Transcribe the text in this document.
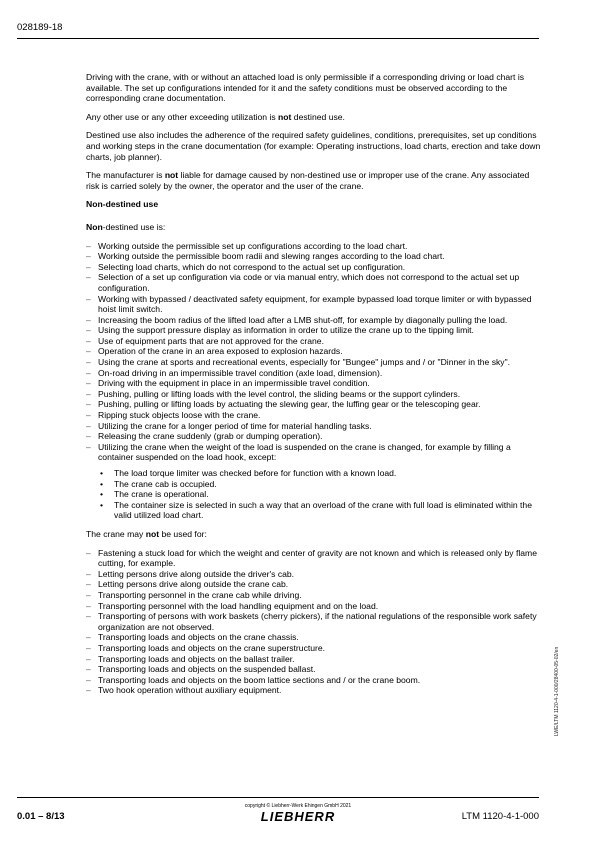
028189-18

Driving with the crane, with or without an attached load is only permissible if a corresponding driving or load chart is available. The set up configurations intended for it and the safety conditions must be observed according to the corresponding crane documentation.

Any other use or any other exceeding utilization is not destined use.

Destined use also includes the adherence of the required safety guidelines, conditions, prerequisites, set up conditions and working steps in the crane documentation (for example: Operating instructions, load charts, erection and take down charts, job planner).

The manufacturer is not liable for damage caused by non-destined use or improper use of the crane. Any associated risk is carried solely by the owner, the operator and the user of the crane.

Non-destined use

Non-destined use is:

– Working outside the permissible set up configurations according to the load chart.
– Working outside the permissible boom radii and slewing ranges according to the load chart.
– Selecting load charts, which do not correspond to the actual set up configuration.
– Selection of a set up configuration via code or via manual entry, which does not correspond to the actual set up configuration.
– Working with bypassed / deactivated safety equipment, for example bypassed load torque limiter or with bypassed hoist limit switch.
– Increasing the boom radius of the lifted load after a LMB shut-off, for example by diagonally pulling the load.
– Using the support pressure display as information in order to utilize the crane up to the tipping limit.
– Use of equipment parts that are not approved for the crane.
– Operation of the crane in an area exposed to explosion hazards.
– Using the crane at sports and recreational events, especially for "Bungee" jumps and / or "Dinner in the sky".
– On-road driving in an impermissible travel condition (axle load, dimension).
– Driving with the equipment in place in an impermissible travel condition.
– Pushing, pulling or lifting loads with the level control, the sliding beams or the support cylinders.
– Pushing, pulling or lifting loads by actuating the slewing gear, the luffing gear or the telescoping gear.
– Ripping stuck objects loose with the crane.
– Utilizing the crane for a longer period of time for material handling tasks.
– Releasing the crane suddenly (grab or dumping operation).
– Utilizing the crane when the weight of the load is suspended on the crane is changed, for example by filling a container suspended on the load hook, except:
• The load torque limiter was checked before for function with a known load.
• The crane cab is occupied.
• The crane is operational.
• The container size is selected in such a way that an overload of the crane with full load is eliminated within the valid utilized load chart.

The crane may not be used for:

– Fastening a stuck load for which the weight and center of gravity are not known and which is released only by flame cutting, for example.
– Letting persons drive along outside the driver's cab.
– Letting persons drive along outside the crane cab.
– Transporting personnel in the crane cab while driving.
– Transporting personnel with the load handling equipment and on the load.
– Transporting of persons with work baskets (cherry pickers), if the national regulations of the responsible work safety organization are not observed.
– Transporting loads and objects on the crane chassis.
– Transporting loads and objects on the crane superstructure.
– Transporting loads and objects on the ballast trailer.
– Transporting loads and objects on the suspended ballast.
– Transporting loads and objects on the boom lattice sections and / or the crane boom.
– Two hook operation without auxiliary equipment.	LWE/LTM 1120-4-1-000/28400-05-02/en
0.01 – 8/13
copyright © Liebherr-Werk Ehingen GmbH 2021
LIEBHERR	LTM 1120-4-1-000
